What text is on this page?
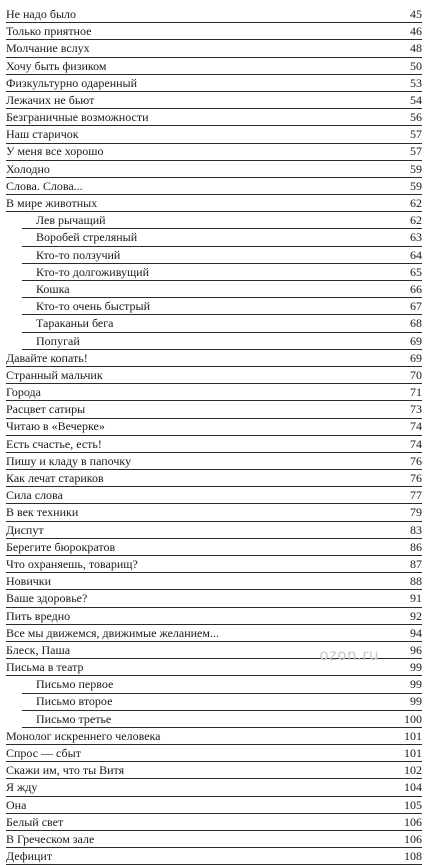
Не надо было	45
Только приятное	46
Молчание вслух	48
Хочу быть физиком	50
Физкультурно одаренный	53
Лежачих не бьют	54
Безграничные возможности	56
Наш старичок	57
У меня все хорошо	57
Холодно	59
Слова. Слова...	59
В мире животных	62
Лев рычащий	62
Воробей стреляный	63
Кто-то ползучий	64
Кто-то долгоживущий	65
Кошка	66
Кто-то очень быстрый	67
Тараканьи бега	68
Попугай	69
Давайте копать!	69
Странный мальчик	70
Города	71
Расцвет сатиры	73
Читаю в «Вечерке»	74
Есть счастье, есть!	74
Пишу и кладу в папочку	76
Как лечат стариков	76
Сила слова	77
В век техники	79
Диспут	83
Берегите бюрократов	86
Что охраняешь, товарищ?	87
Новички	88
Ваше здоровье?	91
Пить вредно	92
Все мы движемся, движимые желанием...	94
Блеск, Паша	96
Письма в театр	99
Письмо первое	99
Письмо второе	99
Письмо третье	100
Монолог искреннего человека	101
Спрос — сбыт	101
Скажи им, что ты Витя	102
Я жду	104
Она	105
Белый свет	106
В Греческом зале	106
Дефицит	108
ozon.ru
